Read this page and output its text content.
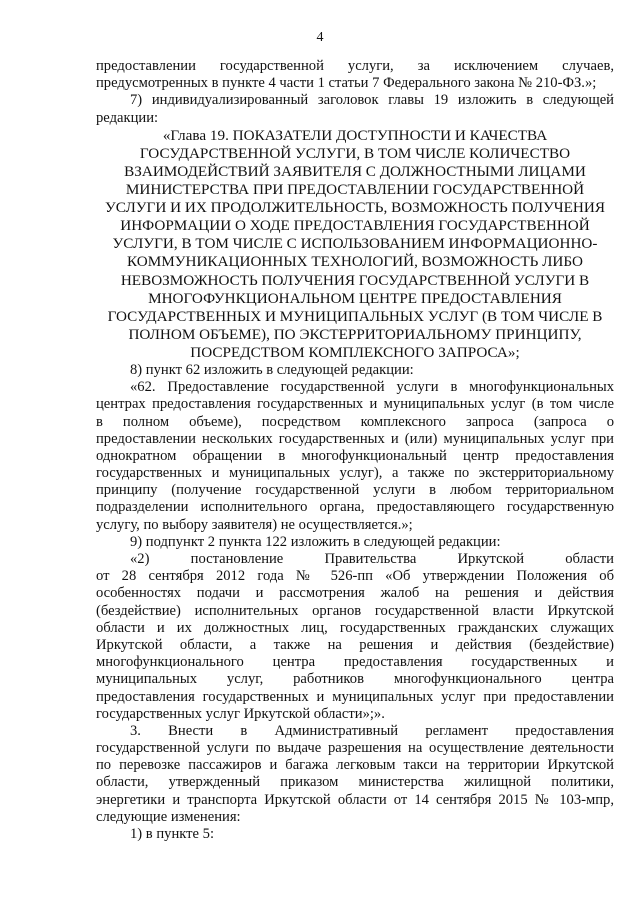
4
предоставлении государственной услуги, за исключением случаев,
предусмотренных в пункте 4 части 1 статьи 7 Федерального закона № 210-ФЗ.»;
7) индивидуализированный заголовок главы 19 изложить в следующей
редакции:
«Глава 19. ПОКАЗАТЕЛИ ДОСТУПНОСТИ И КАЧЕСТВА
ГОСУДАРСТВЕННОЙ УСЛУГИ, В ТОМ ЧИСЛЕ КОЛИЧЕСТВО
ВЗАИМОДЕЙСТВИЙ ЗАЯВИТЕЛЯ С ДОЛЖНОСТНЫМИ ЛИЦАМИ
МИНИСТЕРСТВА ПРИ ПРЕДОСТАВЛЕНИИ ГОСУДАРСТВЕННОЙ
УСЛУГИ И ИХ ПРОДОЛЖИТЕЛЬНОСТЬ, ВОЗМОЖНОСТЬ ПОЛУЧЕНИЯ
ИНФОРМАЦИИ О ХОДЕ ПРЕДОСТАВЛЕНИЯ ГОСУДАРСТВЕННОЙ
УСЛУГИ, В ТОМ ЧИСЛЕ С ИСПОЛЬЗОВАНИЕМ ИНФОРМАЦИОННО-
КОММУНИКАЦИОННЫХ ТЕХНОЛОГИЙ, ВОЗМОЖНОСТЬ ЛИБО
НЕВОЗМОЖНОСТЬ ПОЛУЧЕНИЯ ГОСУДАРСТВЕННОЙ УСЛУГИ В
МНОГОФУНКЦИОНАЛЬНОМ ЦЕНТРЕ ПРЕДОСТАВЛЕНИЯ
ГОСУДАРСТВЕННЫХ И МУНИЦИПАЛЬНЫХ УСЛУГ (В ТОМ ЧИСЛЕ В
ПОЛНОМ ОБЪЕМЕ), ПО ЭКСТЕРРИТОРИАЛЬНОМУ ПРИНЦИПУ,
ПОСРЕДСТВОМ КОМПЛЕКСНОГО ЗАПРОСА»;
8) пункт 62 изложить в следующей редакции:
«62. Предоставление государственной услуги в многофункциональных
центрах предоставления государственных и муниципальных услуг (в том числе
в полном объеме), посредством комплексного запроса (запроса о
предоставлении нескольких государственных и (или) муниципальных услуг при
однократном обращении в многофункциональный центр предоставления
государственных и муниципальных услуг), а также по экстерриториальному
принципу (получение государственной услуги в любом территориальном
подразделении исполнительного органа, предоставляющего государственную
услугу, по выбору заявителя) не осуществляется.»;
9) подпункт 2 пункта 122 изложить в следующей редакции:
«2) постановление Правительства Иркутской области
от 28 сентября 2012 года № 526-пп «Об утверждении Положения об
особенностях подачи и рассмотрения жалоб на решения и действия
(бездействие) исполнительных органов государственной власти Иркутской
области и их должностных лиц, государственных гражданских служащих
Иркутской области, а также на решения и действия (бездействие)
многофункционального центра предоставления государственных и
муниципальных услуг, работников многофункционального центра
предоставления государственных и муниципальных услуг при предоставлении
государственных услуг Иркутской области»;».
3. Внести в Административный регламент предоставления
государственной услуги по выдаче разрешения на осуществление деятельности
по перевозке пассажиров и багажа легковым такси на территории Иркутской
области, утвержденный приказом министерства жилищной политики,
энергетики и транспорта Иркутской области от 14 сентября 2015 № 103-мпр,
следующие изменения:
1) в пункте 5:
